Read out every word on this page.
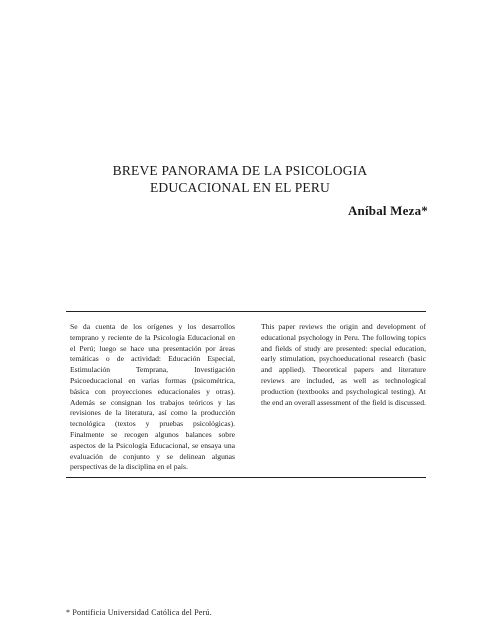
BREVE PANORAMA DE LA PSICOLOGIA
EDUCACIONAL EN EL PERU
Aníbal Meza*

Se da cuenta de los orígenes y los desarrollos temprano y reciente de la Psicología Educacional en el Perú; luego se hace una presentación por áreas temáticas o de actividad: Educación Especial, Estimulación Temprana, Investigación Psicoeducacional en varias formas (psicométrica, básica con proyecciones educacionales y otras). Además se consignan los trabajos teóricos y las revisiones de la literatura, así como la producción tecnológica (textos y pruebas psicológicas). Finalmente se recogen algunos balances sobre aspectos de la Psicología Educacional, se ensaya una evaluación de conjunto y se delinean algunas perspectivas de la disciplina en el país.

This paper reviews the origin and development of educational psychology in Peru. The following topics and fields of study are presented: special education, early stimulation, psychoeducational research (basic and applied). Theoretical papers and literature reviews are included, as well as technological production (textbooks and psychological testing). At the end an overall assessment of the field is discussed.

* Pontificia Universidad Católica del Perú.
